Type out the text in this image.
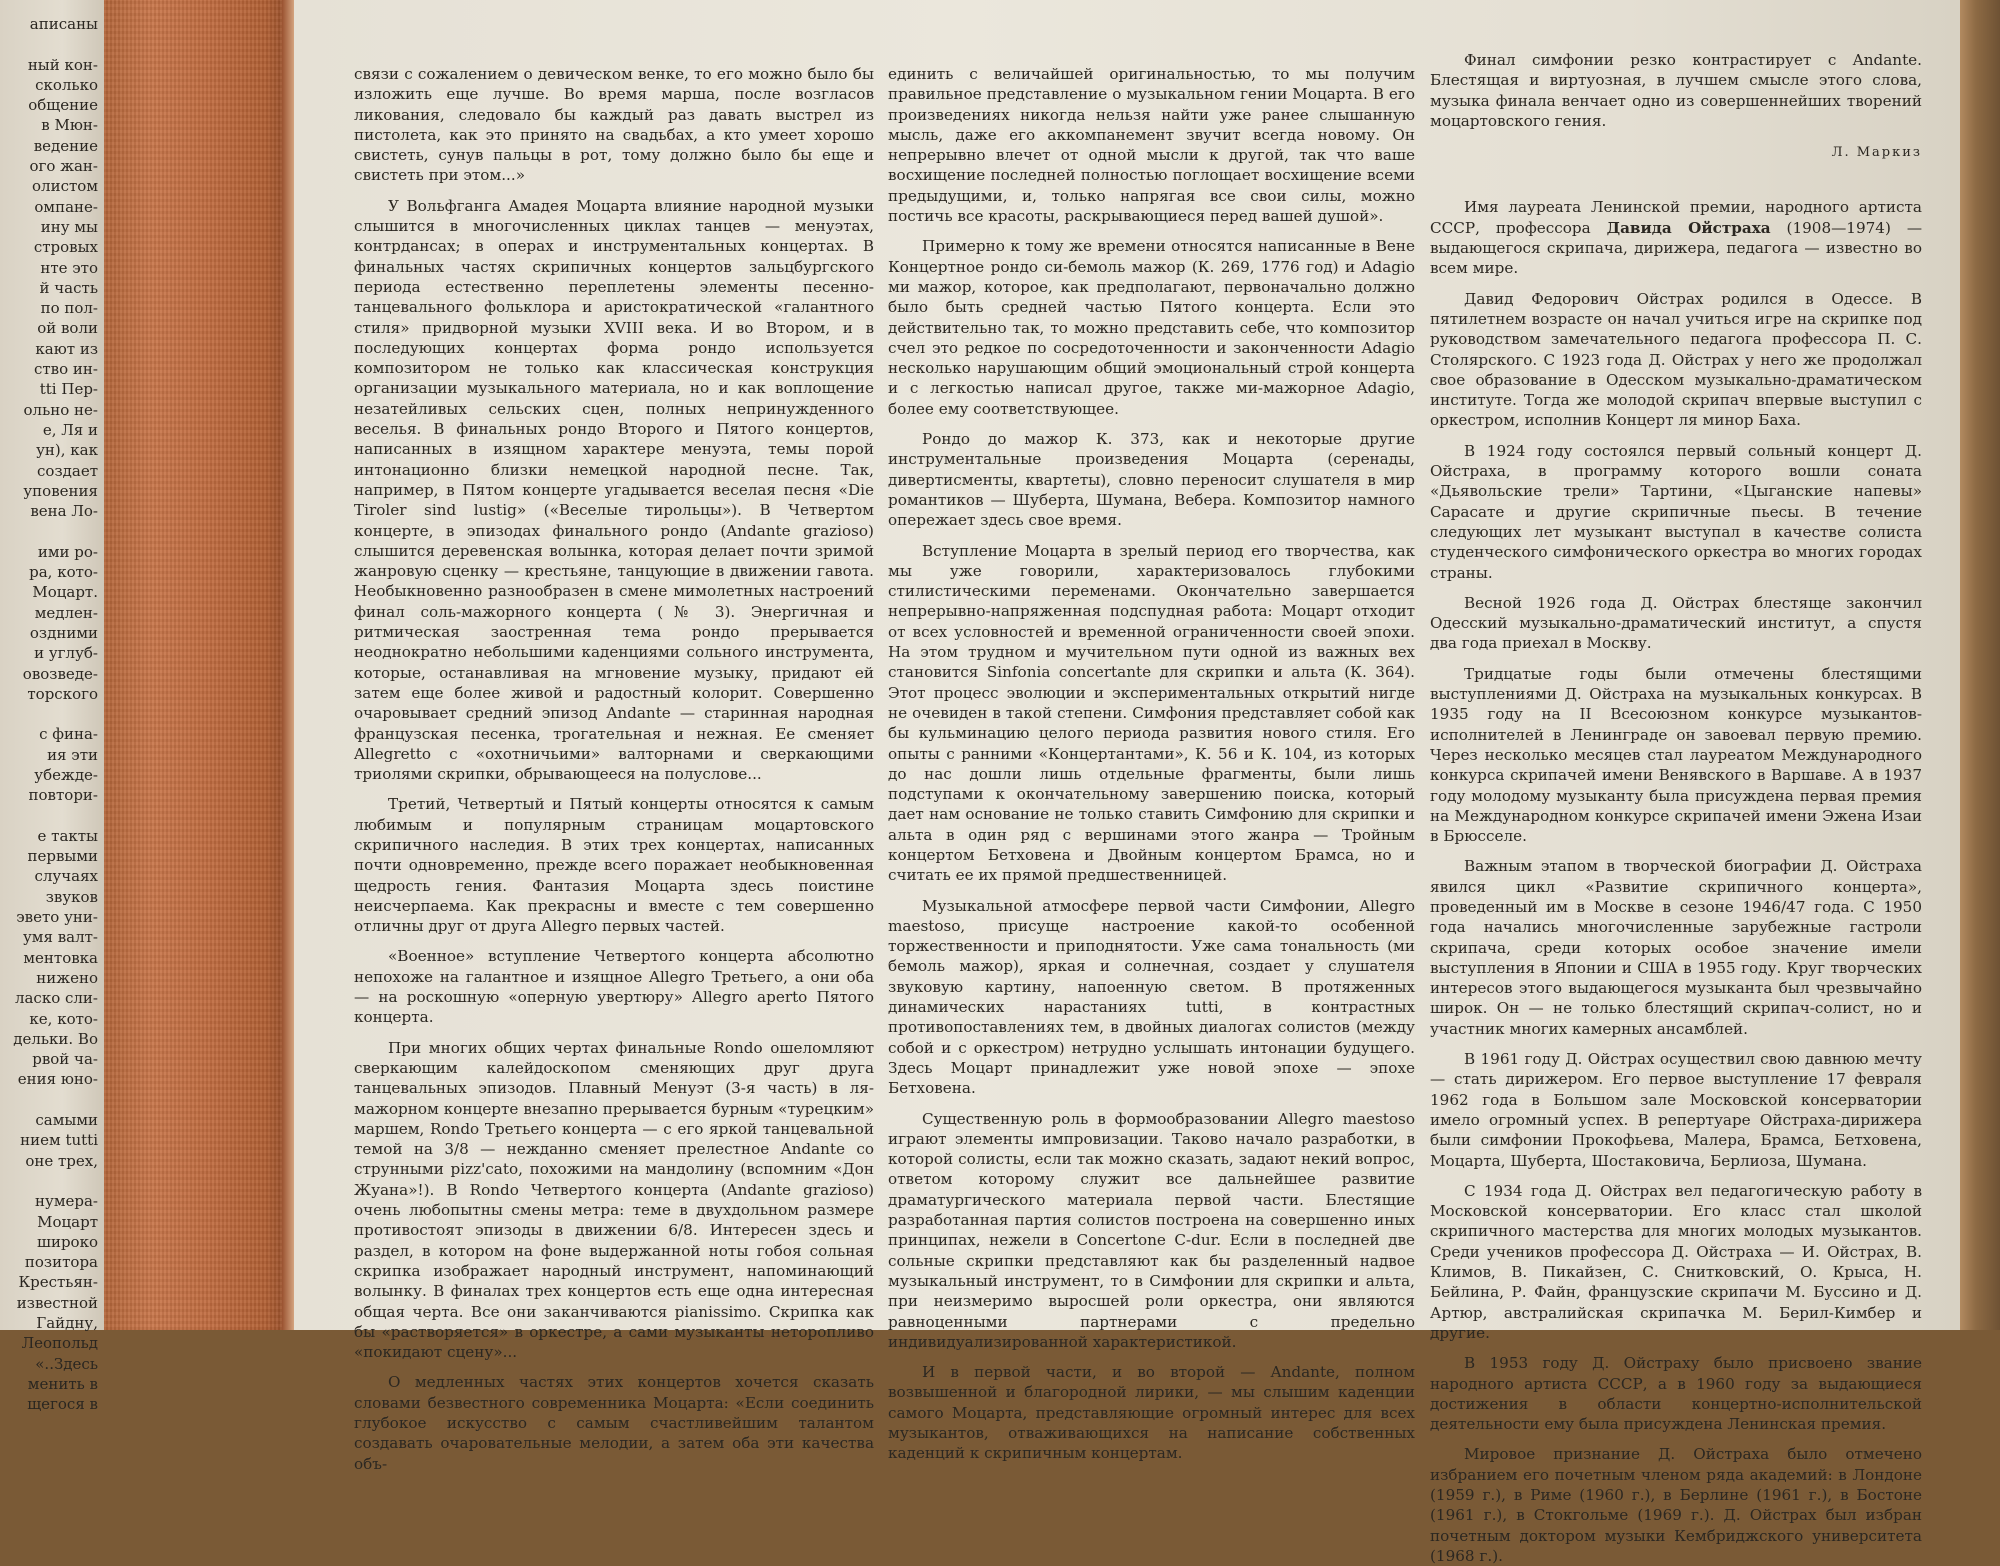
аписаны
ный кон-
сколько
общение
в Мюн-
ведение
ого жан-
олистом
омпане-
ину мы
стровых
нте это
й часть
по пол-
ой воли
кают из
ство ин-
tti Пер-
ольно не-
е, Ля и
ун), как
создает
уповения
вена Ло-
ими ро-
ра, кото-
Моцарт.
медлен-
оздними
и углуб-
овозведе-
торского
с фина-
ия эти
убежде-
повтори-
е такты
первыми
случаях
звуков
эвето уни-
умя валт-
ментовка
нижено
ласко сли-
ке, кото-
дельки. Во
рвой ча-
ения юно-
самыми
нием tutti
оне трех,
нумера-
Моцарт
широко
позитора
Крестьян-
известной
Гайдну,
Леопольд
«..Здесь
менить в
щегося в

связи с сожалением о девическом венке, то его можно было бы изложить еще лучше. Во время марша, после возгласов ликования, следовало бы каждый раз давать выстрел из пистолета, как это принято на свадьбах, а кто умеет хорошо свистеть, сунув пальцы в рот, тому должно было бы еще и свистеть при этом...»

У Вольфганга Амадея Моцарта влияние народной музыки слышится в многочисленных циклах танцев — менуэтах, контрдансах; в операх и инструментальных концертах. В финальных частях скрипичных концертов зальцбургского периода естественно переплетены элементы песенно-танцевального фольклора и аристократической «галантного стиля» придворной музыки XVIII века. И во Втором, и в последующих концертах форма рондо используется композитором не только как классическая конструкция организации музыкального материала, но и как воплощение незатейливых сельских сцен, полных непринужденного веселья. В финальных рондо Второго и Пятого концертов, написанных в изящном характере менуэта, темы порой интонационно близки немецкой народной песне. Так, например, в Пятом концерте угадывается веселая песня «Die Tiroler sind lustig» («Веселые тирольцы»). В Четвертом концерте, в эпизодах финального рондо (Andante grazioso) слышится деревенская волынка, которая делает почти зримой жанровую сценку — крестьяне, танцующие в движении гавота. Необыкновенно разнообразен в смене мимолетных настроений финал соль-мажорного концерта (№ 3). Энергичная и ритмическая заостренная тема рондо прерывается неоднократно небольшими каденциями сольного инструмента, которые, останавливая на мгновение музыку, придают ей затем еще более живой и радостный колорит. Совершенно очаровывает средний эпизод Andante — старинная народная французская песенка, трогательная и нежная. Ее сменяет Allegretto с «охотничьими» валторнами и сверкающими триолями скрипки, обрывающееся на полуслове...

Третий, Четвертый и Пятый концерты относятся к самым любимым и популярным страницам моцартовского скрипичного наследия. В этих трех концертах, написанных почти одновременно, прежде всего поражает необыкновенная щедрость гения. Фантазия Моцарта здесь поистине неисчерпаема. Как прекрасны и вместе с тем совершенно отличны друг от друга Allegro первых частей.

«Военное» вступление Четвертого концерта абсолютно непохоже на галантное и изящное Allegro Третьего, а они оба — на роскошную «оперную увертюру» Allegro aperto Пятого концерта.

При многих общих чертах финальные Rondo ошеломляют сверкающим калейдоскопом сменяющих друг друга танцевальных эпизодов. Плавный Менуэт (3-я часть) в ля-мажорном концерте внезапно прерывается бурным «турецким» маршем, Rondo Третьего концерта — с его яркой танцевальной темой на 3/8 — нежданно сменяет прелестное Andante со струнными pizz'cato, похожими на мандолину (вспомним «Дон Жуана»!). В Rondo Четвертого концерта (Andante grazioso) очень любопытны смены метра: теме в двухдольном размере противостоят эпизоды в движении 6/8. Интересен здесь и раздел, в котором на фоне выдержанной ноты гобоя сольная скрипка изображает народный инструмент, напоминающий волынку. В финалах трех концертов есть еще одна интересная общая черта. Все они заканчиваются pianissimo. Скрипка как бы «растворяется» в оркестре, а сами музыканты неторопливо «покидают сцену»...

О медленных частях этих концертов хочется сказать словами безвестного современника Моцарта: «Если соединить глубокое искусство с самым счастливейшим талантом создавать очаровательные мелодии, а затем оба эти качества объ-

единить с величайшей оригинальностью, то мы получим правильное представление о музыкальном гении Моцарта. В его произведениях никогда нельзя найти уже ранее слышанную мысль, даже его аккомпанемент звучит всегда новому. Он непрерывно влечет от одной мысли к другой, так что ваше восхищение последней полностью поглощает восхищение всеми предыдущими, и, только напрягая все свои силы, можно постичь все красоты, раскрывающиеся перед вашей душой».

Примерно к тому же времени относятся написанные в Вене Концертное рондо си-бемоль мажор (К. 269, 1776 год) и Adagio ми мажор, которое, как предполагают, первоначально должно было быть средней частью Пятого концерта. Если это действительно так, то можно представить себе, что композитор счел это редкое по сосредоточенности и законченности Adagio несколько нарушающим общий эмоциональный строй концерта и с легкостью написал другое, также ми-мажорное Adagio, более ему соответствующее.

Рондо до мажор К. 373, как и некоторые другие инструментальные произведения Моцарта (серенады, дивертисменты, квартеты), словно переносит слушателя в мир романтиков — Шуберта, Шумана, Вебера. Композитор намного опережает здесь свое время.

Вступление Моцарта в зрелый период его творчества, как мы уже говорили, характеризовалось глубокими стилистическими переменами. Окончательно завершается непрерывно-напряженная подспудная работа: Моцарт отходит от всех условностей и временной ограниченности своей эпохи. На этом трудном и мучительном пути одной из важных вех становится Sinfonia concertante для скрипки и альта (К. 364). Этот процесс эволюции и экспериментальных открытий нигде не очевиден в такой степени. Симфония представляет собой как бы кульминацию целого периода развития нового стиля. Его опыты с ранними «Концертантами», К. 56 и К. 104, из которых до нас дошли лишь отдельные фрагменты, были лишь подступами к окончательному завершению поиска, который дает нам основание не только ставить Симфонию для скрипки и альта в один ряд с вершинами этого жанра — Тройным концертом Бетховена и Двойным концертом Брамса, но и считать ее их прямой предшественницей.

Музыкальной атмосфере первой части Симфонии, Allegro maestoso, присуще настроение какой-то особенной торжественности и приподнятости. Уже сама тональность (ми бемоль мажор), яркая и солнечная, создает у слушателя звуковую картину, напоенную светом. В протяженных динамических нарастаниях tutti, в контрастных противопоставлениях тем, в двойных диалогах солистов (между собой и с оркестром) нетрудно услышать интонации будущего. Здесь Моцарт принадлежит уже новой эпохе — эпохе Бетховена.

Существенную роль в формообразовании Allegro maestoso играют элементы импровизации. Таково начало разработки, в которой солисты, если так можно сказать, задают некий вопрос, ответом которому служит все дальнейшее развитие драматургического материала первой части. Блестящие разработанная партия солистов построена на совершенно иных принципах, нежели в Concertone C-dur. Если в последней две сольные скрипки представляют как бы разделенный надвое музыкальный инструмент, то в Симфонии для скрипки и альта, при неизмеримо выросшей роли оркестра, они являются равноценными партнерами с предельно индивидуализированной характеристикой.

И в первой части, и во второй — Andante, полном возвышенной и благородной лирики, — мы слышим каденции самого Моцарта, представляющие огромный интерес для всех музыкантов, отваживающихся на написание собственных каденций к скрипичным концертам.

Финал симфонии резко контрастирует с Andante. Блестящая и виртуозная, в лучшем смысле этого слова, музыка финала венчает одно из совершеннейших творений моцартовского гения.

Л. Маркиз

Имя лауреата Ленинской премии, народного артиста СССР, профессора Давида Ойстраха (1908—1974) — выдающегося скрипача, дирижера, педагога — известно во всем мире.

Давид Федорович Ойстрах родился в Одессе. В пятилетнем возрасте он начал учиться игре на скрипке под руководством замечательного педагога профессора П. С. Столярского. С 1923 года Д. Ойстрах у него же продолжал свое образование в Одесском музыкально-драматическом институте. Тогда же молодой скрипач впервые выступил с оркестром, исполнив Концерт ля минор Баха.

В 1924 году состоялся первый сольный концерт Д. Ойстраха, в программу которого вошли соната «Дьявольские трели» Тартини, «Цыганские напевы» Сарасате и другие скрипичные пьесы. В течение следующих лет музыкант выступал в качестве солиста студенческого симфонического оркестра во многих городах страны.

Весной 1926 года Д. Ойстрах блестяще закончил Одесский музыкально-драматический институт, а спустя два года приехал в Москву.

Тридцатые годы были отмечены блестящими выступлениями Д. Ойстраха на музыкальных конкурсах. В 1935 году на II Всесоюзном конкурсе музыкантов-исполнителей в Ленинграде он завоевал первую премию. Через несколько месяцев стал лауреатом Международного конкурса скрипачей имени Венявского в Варшаве. А в 1937 году молодому музыканту была присуждена первая премия на Международном конкурсе скрипачей имени Эжена Изаи в Брюсселе.

Важным этапом в творческой биографии Д. Ойстраха явился цикл «Развитие скрипичного концерта», проведенный им в Москве в сезоне 1946/47 года. С 1950 года начались многочисленные зарубежные гастроли скрипача, среди которых особое значение имели выступления в Японии и США в 1955 году. Круг творческих интересов этого выдающегося музыканта был чрезвычайно широк. Он — не только блестящий скрипач-солист, но и участник многих камерных ансамблей.

В 1961 году Д. Ойстрах осуществил свою давнюю мечту — стать дирижером. Его первое выступление 17 февраля 1962 года в Большом зале Московской консерватории имело огромный успех. В репертуаре Ойстраха-дирижера были симфонии Прокофьева, Малера, Брамса, Бетховена, Моцарта, Шуберта, Шостаковича, Берлиоза, Шумана.

С 1934 года Д. Ойстрах вел педагогическую работу в Московской консерватории. Его класс стал школой скрипичного мастерства для многих молодых музыкантов. Среди учеников профессора Д. Ойстраха — И. Ойстрах, В. Климов, В. Пикайзен, С. Снитковский, О. Крыса, Н. Бейлина, Р. Файн, французские скрипачи М. Буссино и Д. Артюр, австралийская скрипачка М. Берил-Кимбер и другие.

В 1953 году Д. Ойстраху было присвоено звание народного артиста СССР, а в 1960 году за выдающиеся достижения в области концертно-исполнительской деятельности ему была присуждена Ленинская премия.

Мировое признание Д. Ойстраха было отмечено избранием его почетным членом ряда академий: в Лондоне (1959 г.), в Риме (1960 г.), в Берлине (1961 г.), в Бостоне (1961 г.), в Стокгольме (1969 г.). Д. Ойстрах был избран почетным доктором музыки Кембриджского университета (1968 г.).
